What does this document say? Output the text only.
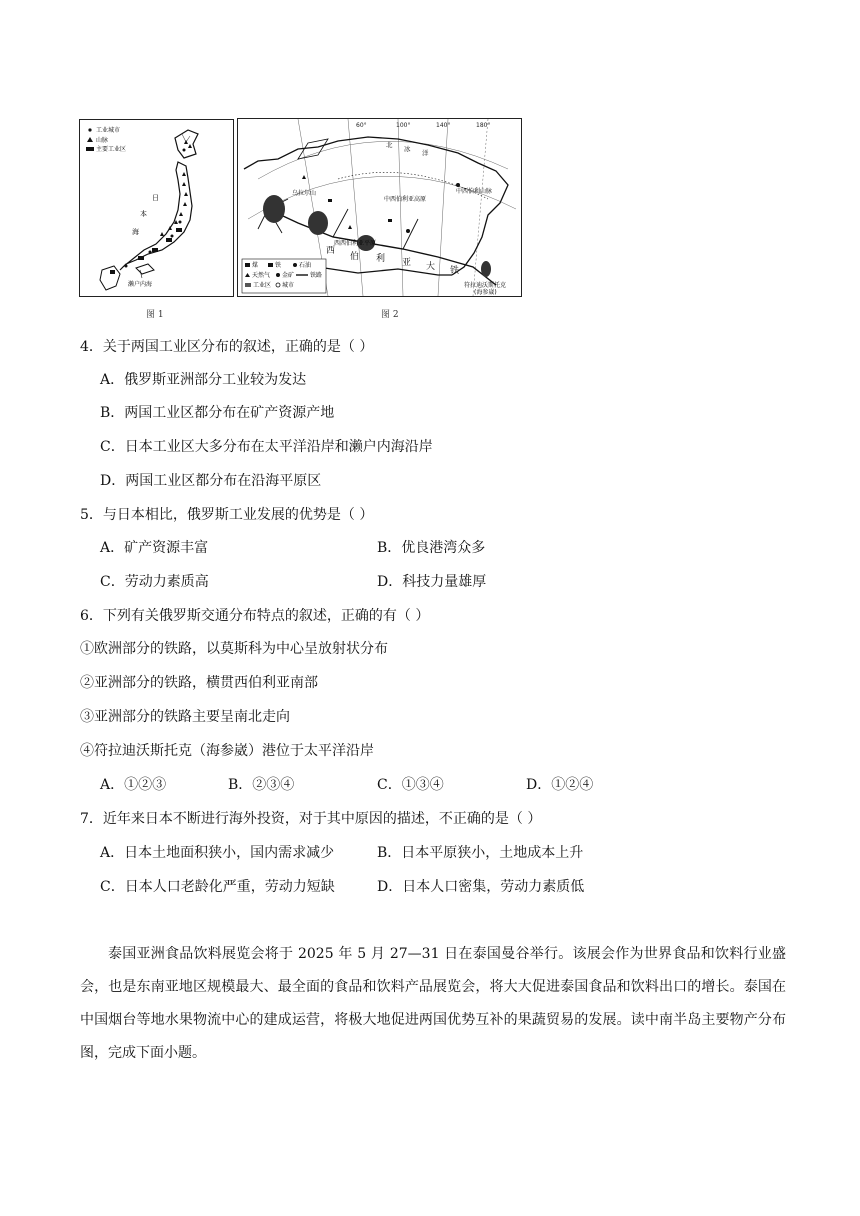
工业城市
山脉
主要工业区
日
本
海
濑户内海
图 1
60°	100°	140°	180°
北 冰 洋
中西伯利亚高原
西西伯利亚平原
乌拉尔山	中西伯利山脉
符拉迪沃斯托克
(海参崴)
西
伯 利 亚 大 铁
煤	铁	石油
天然气 金矿	铁路
工业区 城市
图 2
4．关于两国工业区分布的叙述，正确的是（ ）
A．俄罗斯亚洲部分工业较为发达
B．两国工业区都分布在矿产资源产地
C．日本工业区大多分布在太平洋沿岸和濑户内海沿岸
D．两国工业区都分布在沿海平原区
5．与日本相比，俄罗斯工业发展的优势是（ ）
A．矿产资源丰富	B．优良港湾众多
C．劳动力素质高	D．科技力量雄厚
6．下列有关俄罗斯交通分布特点的叙述，正确的有（ ）
①欧洲部分的铁路，以莫斯科为中心呈放射状分布
②亚洲部分的铁路，横贯西伯利亚南部
③亚洲部分的铁路主要呈南北走向
④符拉迪沃斯托克（海参崴）港位于太平洋沿岸
A．①②③	B．②③④	C．①③④	D．①②④
7．近年来日本不断进行海外投资，对于其中原因的描述，不正确的是（ ）
A．日本土地面积狭小，国内需求减少	B．日本平原狭小，土地成本上升
C．日本人口老龄化严重，劳动力短缺	D．日本人口密集，劳动力素质低

泰国亚洲食品饮料展览会将于 2025 年 5 月 27—31 日在泰国曼谷举行。该展会作为世界食品和饮料行业盛会，也是东南亚地区规模最大、最全面的食品和饮料产品展览会，将大大促进泰国食品和饮料出口的增长。泰国在中国烟台等地水果物流中心的建成运营，将极大地促进两国优势互补的果蔬贸易的发展。读中南半岛主要物产分布图，完成下面小题。
